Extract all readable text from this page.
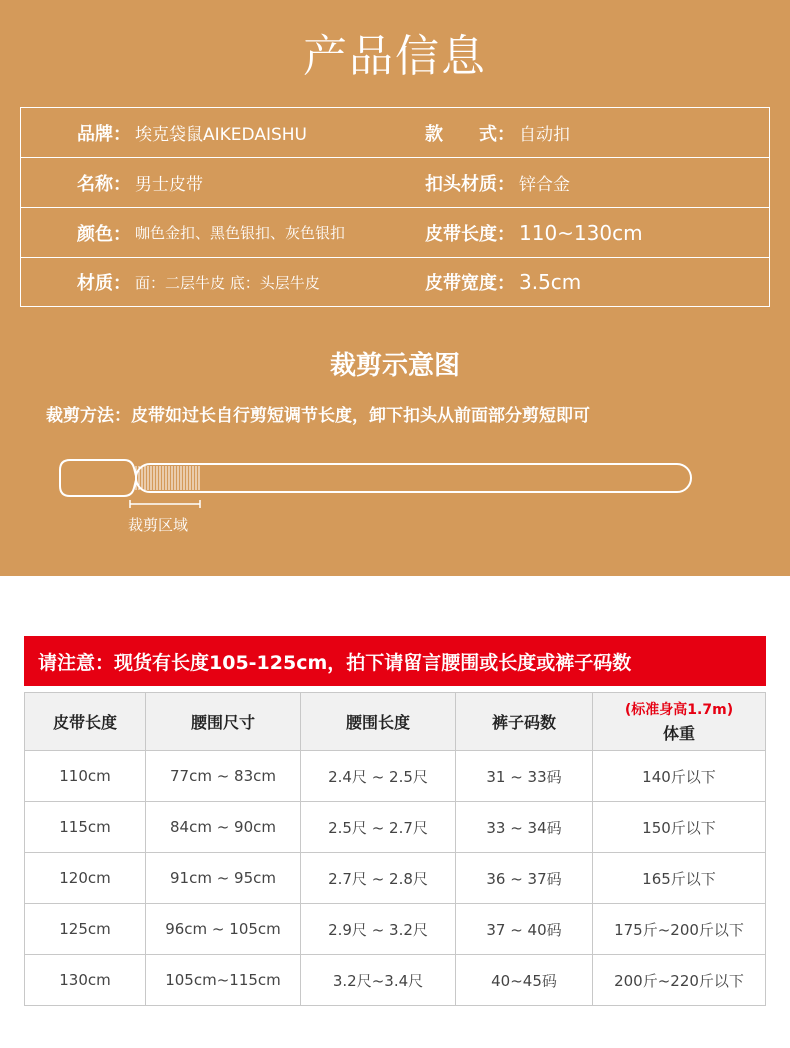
产品信息
品牌： 埃克袋鼠AIKEDAISHU	款　　式： 自动扣
名称： 男士皮带	扣头材质： 锌合金
颜色： 咖色金扣、黑色银扣、灰色银扣	皮带长度： 110~130cm
材质： 面：二层牛皮 底：头层牛皮	皮带宽度： 3.5cm
裁剪示意图
裁剪方法：皮带如过长自行剪短调节长度，卸下扣头从前面部分剪短即可
裁剪区域
请注意：现货有长度105-125cm，拍下请留言腰围或长度或裤子码数
皮带长度	腰围尺寸	腰围长度	裤子码数	(标准身高1.7m)
体重
110cm	77cm ~ 83cm	2.4尺 ~ 2.5尺	31 ~ 33码	140斤以下
115cm	84cm ~ 90cm	2.5尺 ~ 2.7尺	33 ~ 34码	150斤以下
120cm	91cm ~ 95cm	2.7尺 ~ 2.8尺	36 ~ 37码	165斤以下
125cm	96cm ~ 105cm	2.9尺 ~ 3.2尺	37 ~ 40码	175斤~200斤以下
130cm	105cm~115cm	3.2尺~3.4尺	40~45码	200斤~220斤以下
